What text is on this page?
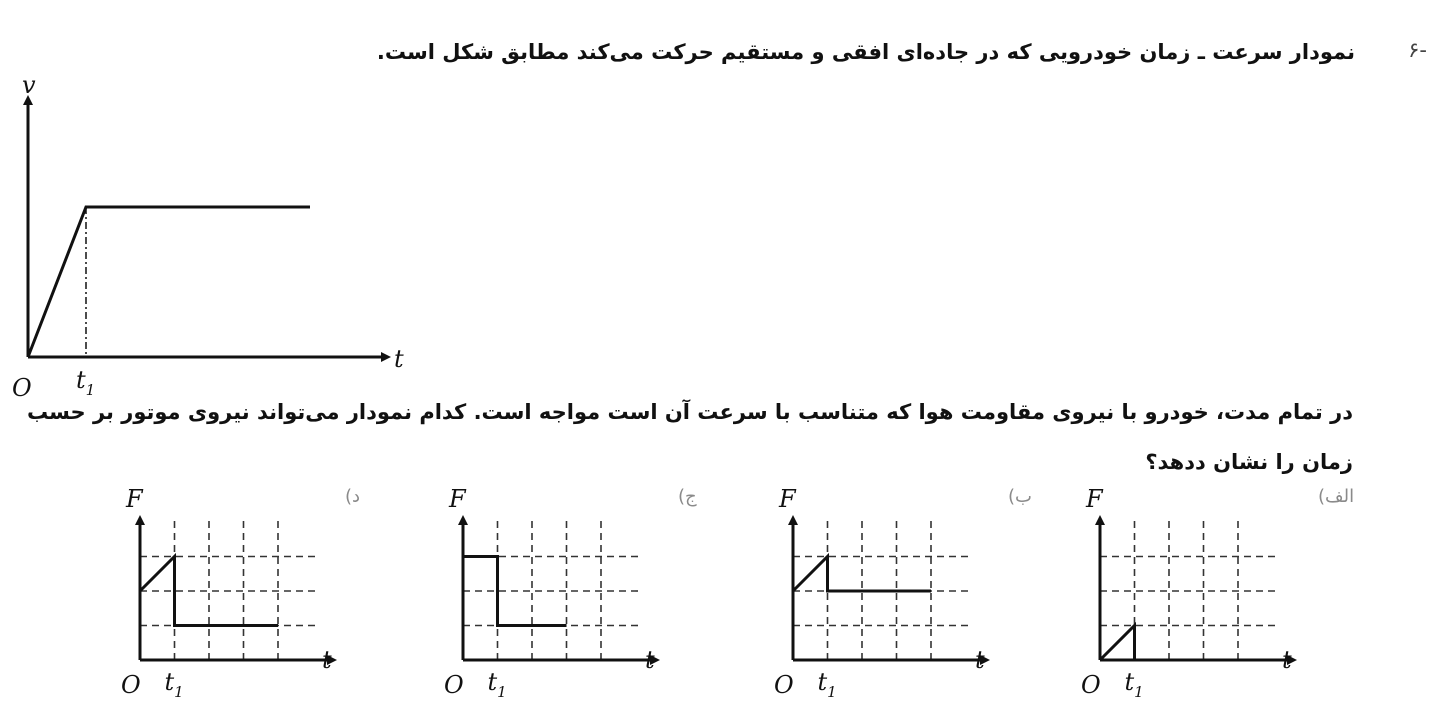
-۶
نمودار سرعت ـ زمان خودرویی که در جاده‌ای افقی و مستقیم حرکت می‌کند مطابق شکل است.
در تمام مدت، خودرو با نیروی مقاومت هوا که متناسب با سرعت آن است مواجه است. کدام نمودار می‌تواند نیروی موتور بر حسب
زمان را نشان ددهد؟
الف)
ب)
ج)
د)
v
t
O $t_1$
F
t
O $t_1$
F
t
O $t_1$
F
t
O $t_1$
F
t
O $t_1$
